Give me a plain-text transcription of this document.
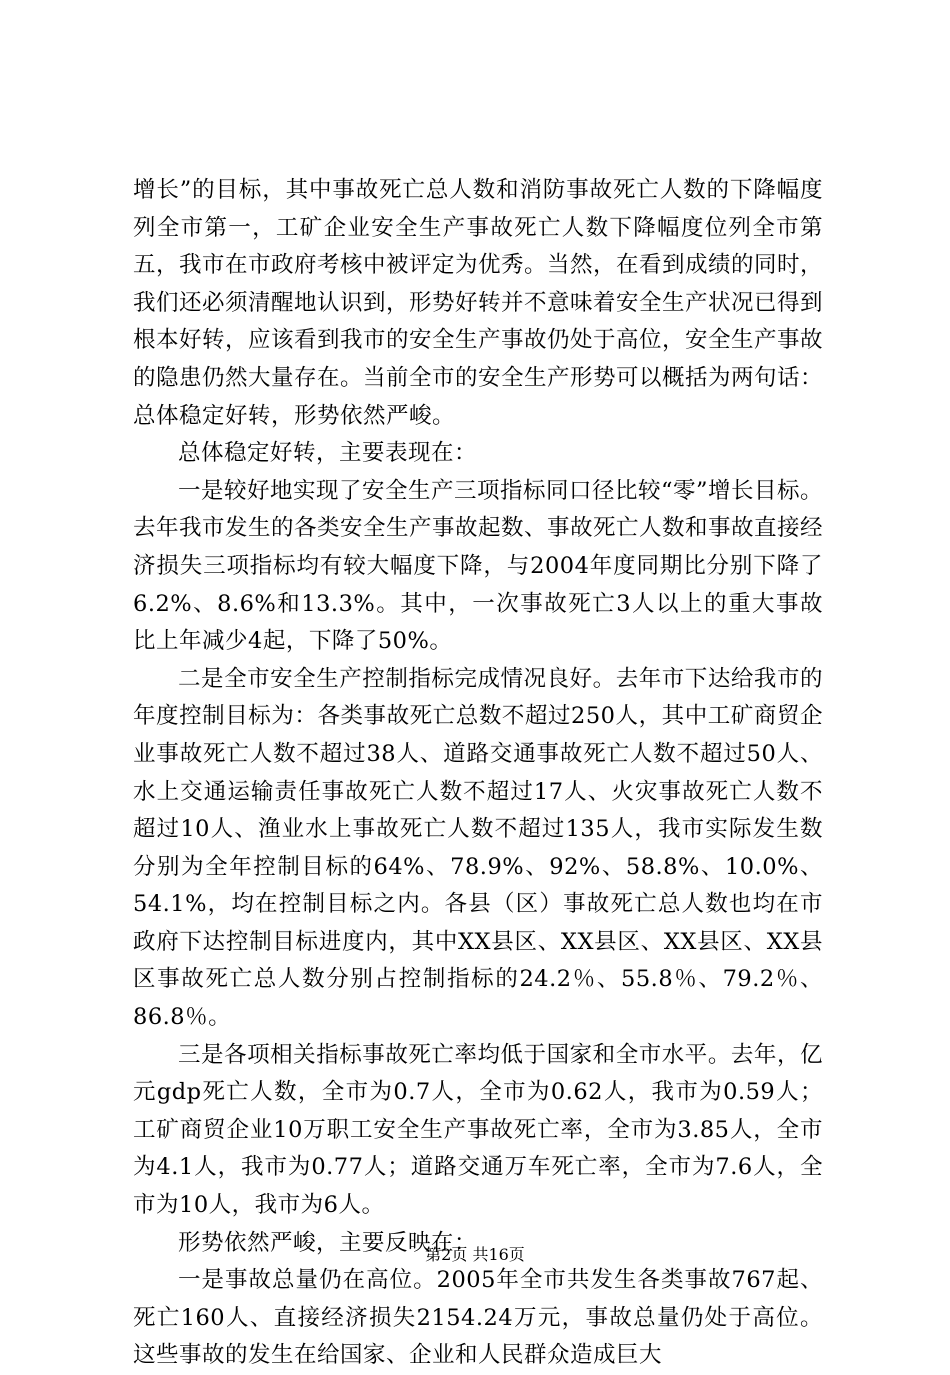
增长”的目标，其中事故死亡总人数和消防事故死亡人数的下降幅度列全市第一，工矿企业安全生产事故死亡人数下降幅度位列全市第五，我市在市政府考核中被评定为优秀。当然，在看到成绩的同时，我们还必须清醒地认识到，形势好转并不意味着安全生产状况已得到根本好转，应该看到我市的安全生产事故仍处于高位，安全生产事故的隐患仍然大量存在。当前全市的安全生产形势可以概括为两句话：总体稳定好转，形势依然严峻。

总体稳定好转，主要表现在：

一是较好地实现了安全生产三项指标同口径比较“零”增长目标。去年我市发生的各类安全生产事故起数、事故死亡人数和事故直接经济损失三项指标均有较大幅度下降，与2004年度同期比分别下降了6.2%、8.6%和13.3%。其中，一次事故死亡3人以上的重大事故比上年减少4起，下降了50%。

二是全市安全生产控制指标完成情况良好。去年市下达给我市的年度控制目标为：各类事故死亡总数不超过250人，其中工矿商贸企业事故死亡人数不超过38人、道路交通事故死亡人数不超过50人、水上交通运输责任事故死亡人数不超过17人、火灾事故死亡人数不超过10人、渔业水上事故死亡人数不超过135人，我市实际发生数分别为全年控制目标的64%、78.9%、92%、58.8%、10.0%、54.1%，均在控制目标之内。各县（区）事故死亡总人数也均在市政府下达控制目标进度内，其中XX县区、XX县区、XX县区、XX县区事故死亡总人数分别占控制指标的24.2％、55.8％、79.2％、86.8％。

三是各项相关指标事故死亡率均低于国家和全市水平。去年，亿元gdp死亡人数，全市为0.7人，全市为0.62人，我市为0.59人；工矿商贸企业10万职工安全生产事故死亡率，全市为3.85人，全市为4.1人，我市为0.77人；道路交通万车死亡率，全市为7.6人，全市为10人，我市为6人。

形势依然严峻，主要反映在：

一是事故总量仍在高位。2005年全市共发生各类事故767起、死亡160人、直接经济损失2154.24万元，事故总量仍处于高位。这些事故的发生在给国家、企业和人民群众造成巨大

第2页 共16页
